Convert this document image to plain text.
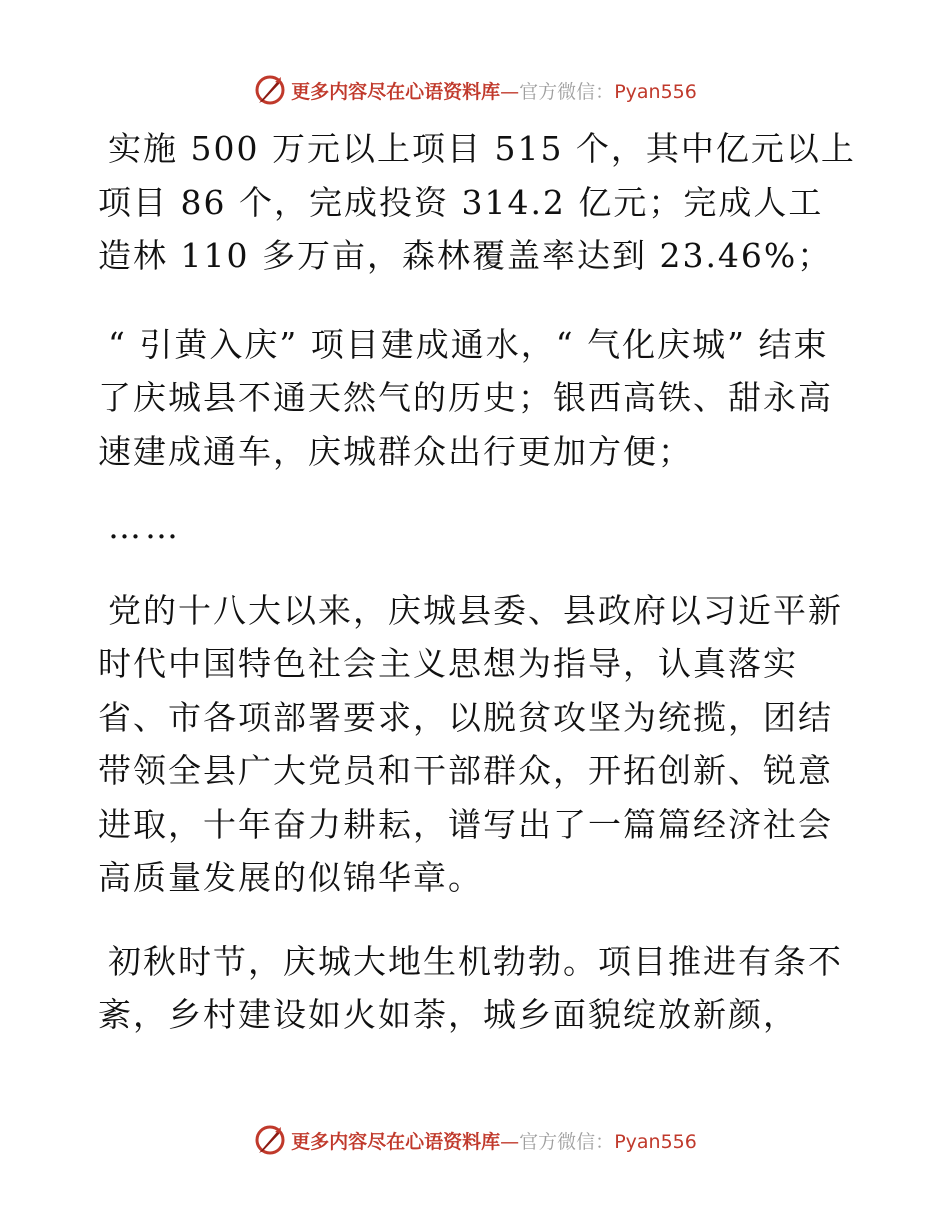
更多内容尽在心语资料库—官方微信：Pyan556

实施 500 万元以上项目 515 个，其中亿元以上项目 86 个，完成投资 314.2 亿元；完成人工造林 110 多万亩，森林覆盖率达到 23.46%；

“ 引黄入庆” 项目建成通水，“ 气化庆城” 结束了庆城县不通天然气的历史；银西高铁、甜永高速建成通车，庆城群众出行更加方便；

……

党的十八大以来，庆城县委、县政府以习近平新时代中国特色社会主义思想为指导，认真落实省、市各项部署要求，以脱贫攻坚为统揽，团结带领全县广大党员和干部群众，开拓创新、锐意进取，十年奋力耕耘，谱写出了一篇篇经济社会高质量发展的似锦华章。

初秋时节，庆城大地生机勃勃。项目推进有条不紊，乡村建设如火如荼，城乡面貌绽放新颜，

更多内容尽在心语资料库—官方微信：Pyan556
